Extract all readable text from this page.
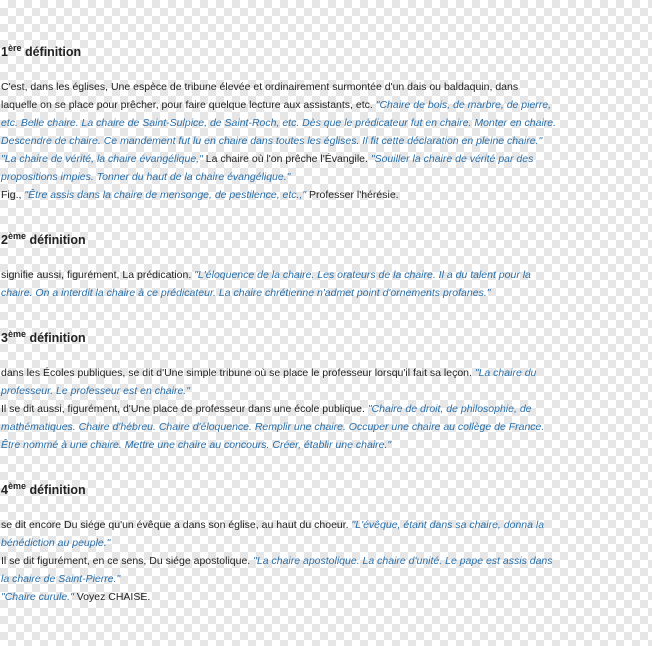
1ère définition

C'est, dans les églises, Une espèce de tribune élevée et ordinairement surmontée d'un dais ou baldaquin, dans

laquelle on se place pour prêcher, pour faire quelque lecture aux assistants, etc. "Chaire de bois, de marbre, de pierre,

etc. Belle chaire. La chaire de Saint-Sulpice, de Saint-Roch, etc. Dès que le prédicateur fut en chaire. Monter en chaire.

Descendre de chaire. Ce mandement fut lu en chaire dans toutes les églises. Il fit cette déclaration en pleine chaire."

"La chaire de vérité, la chaire évangélique," La chaire où l'on prêche l'Évangile. "Souiller la chaire de vérité par des

propositions impies. Tonner du haut de la chaire évangélique."

Fig., "Être assis dans la chaire de mensonge, de pestilence, etc.," Professer l'hérésie.

2ème définition

signifie aussi, figurément, La prédication. "L'éloquence de la chaire. Les orateurs de la chaire. Il a du talent pour la

chaire. On a interdit la chaire à ce prédicateur. La chaire chrétienne n'admet point d'ornements profanes."

3ème définition

dans les Écoles publiques, se dit d'Une simple tribune où se place le professeur lorsqu'il fait sa leçon. "La chaire du

professeur. Le professeur est en chaire."

Il se dit aussi, figurément, d'Une place de professeur dans une école publique. "Chaire de droit, de philosophie, de

mathématiques. Chaire d'hébreu. Chaire d'éloquence. Remplir une chaire. Occuper une chaire au collège de France.

Être nommé à une chaire. Mettre une chaire au concours. Créer, établir une chaire."

4ème définition

se dit encore Du siége qu'un évêque a dans son église, au haut du choeur. "L'évêque, étant dans sa chaire, donna la

bénédiction au peuple."

Il se dit figurément, en ce sens, Du siége apostolique. "La chaire apostolique. La chaire d'unité. Le pape est assis dans

la chaire de Saint-Pierre."

"Chaire curule." Voyez CHAISE.
